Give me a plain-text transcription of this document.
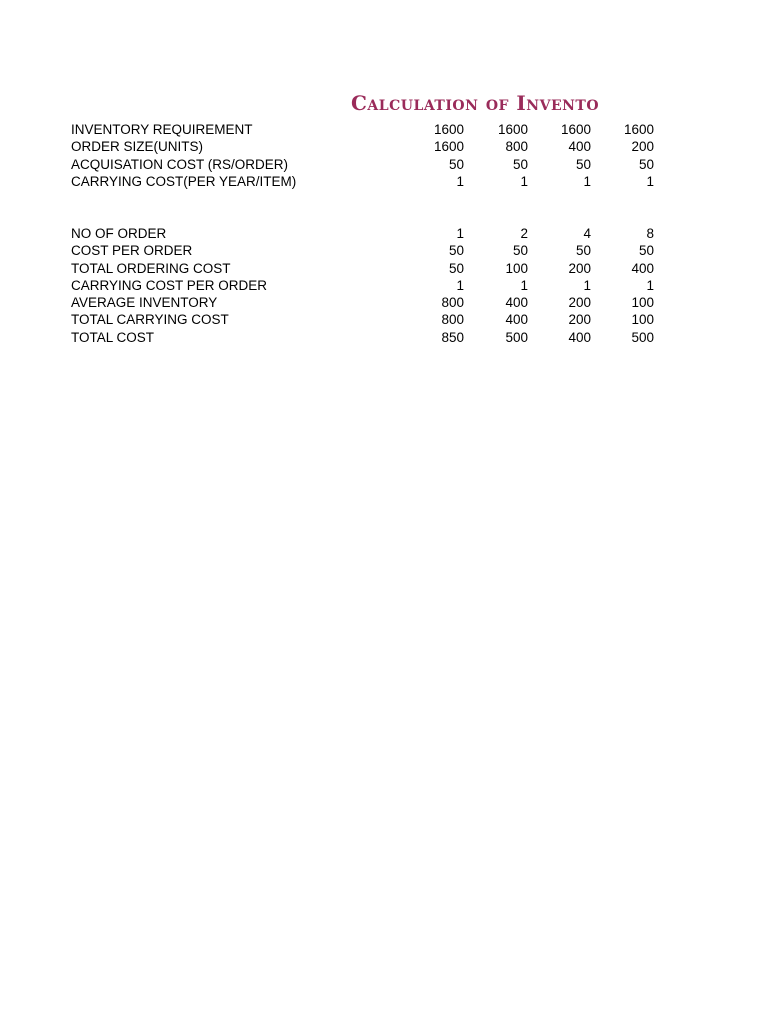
Calculation of Invento
INVENTORY REQUIREMENT	1600	1600	1600	1600
ORDER SIZE(UNITS)	1600	800	400	200
ACQUISATION COST (RS/ORDER)	50	50	50	50
CARRYING COST(PER YEAR/ITEM)	1	1	1	1
NO OF ORDER	1	2	4	8
COST PER ORDER	50	50	50	50
TOTAL ORDERING COST	50	100	200	400
CARRYING COST PER ORDER	1	1	1	1
AVERAGE INVENTORY	800	400	200	100
TOTAL CARRYING COST	800	400	200	100
TOTAL COST	850	500	400	500
